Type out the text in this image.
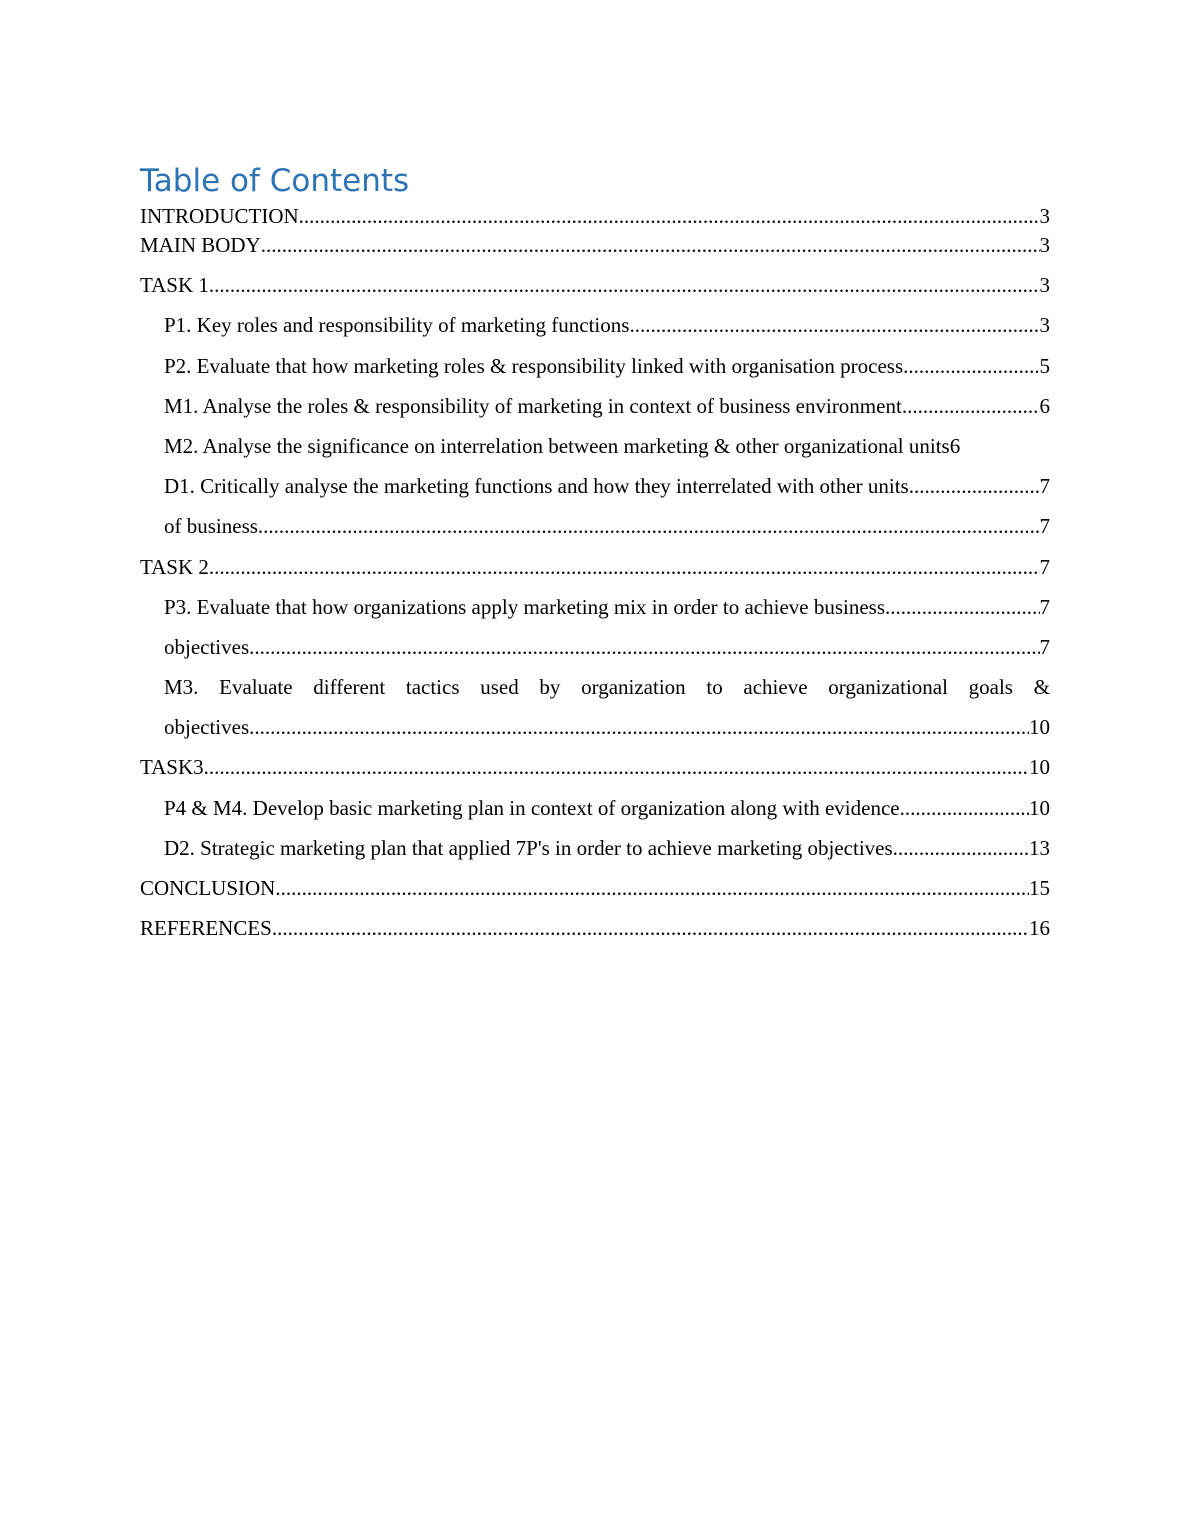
Table of Contents
INTRODUCTION .....	3
MAIN BODY .....	3
TASK 1 .....	3
P1. Key roles and responsibility of marketing functions .....	3
P2. Evaluate that how marketing roles & responsibility linked with organisation process .....	5
M1. Analyse the roles & responsibility of marketing in context of business environment .....	6
M2. Analyse the significance on interrelation between marketing & other organizational units 6
D1. Critically analyse the marketing functions and how they interrelated with other units .....	7
of business .....	7
TASK 2 .....	7
P3. Evaluate that how organizations apply marketing mix in order to achieve business .....	7
objectives .....	7
M3. Evaluate different tactics used by organization to achieve organizational goals &
objectives .....	10
TASK3 .....	10
P4 & M4. Develop basic marketing plan in context of organization along with evidence .....	10
D2. Strategic marketing plan that applied 7P's in order to achieve marketing objectives .....	13
CONCLUSION .....	15
REFERENCES .....	16
